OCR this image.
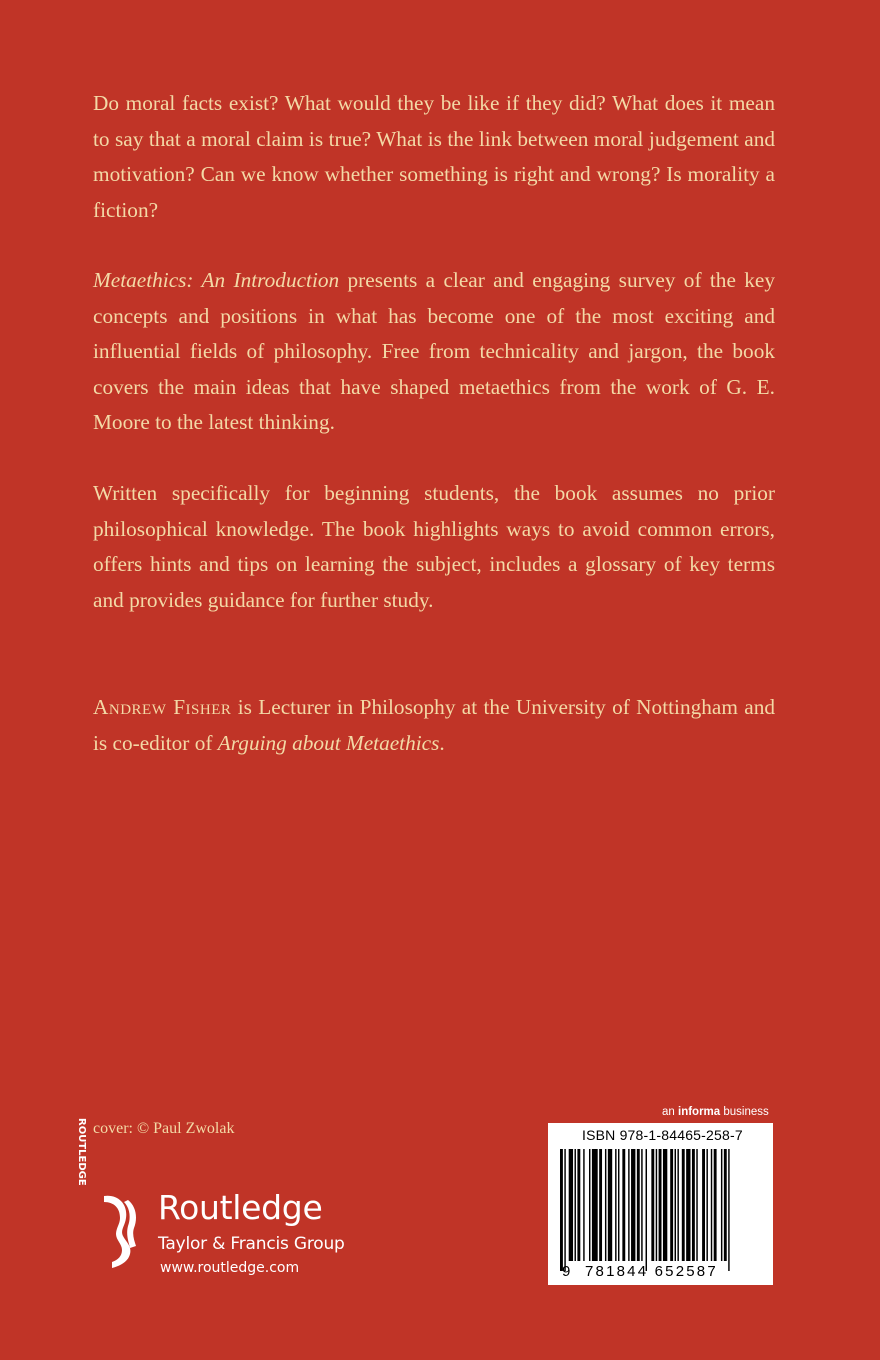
Do moral facts exist? What would they be like if they did? What does it mean to say that a moral claim is true? What is the link between moral judgement and motivation? Can we know whether something is right and wrong? Is morality a fiction?

Metaethics: An Introduction presents a clear and engaging survey of the key concepts and positions in what has become one of the most exciting and influential fields of philosophy. Free from technicality and jargon, the book covers the main ideas that have shaped metaethics from the work of G. E. Moore to the latest thinking.

Written specifically for beginning students, the book assumes no prior philosophical knowledge. The book highlights ways to avoid common errors, offers hints and tips on learning the subject, includes a glossary of key terms and provides guidance for further study.

Andrew Fisher is Lecturer in Philosophy at the University of Nottingham and is co-editor of Arguing about Metaethics.

cover: © Paul Zwolak
ROUTLEDGE
Routledge
Taylor & Francis Group
www.routledge.com
an informa business
ISBN 978-1-84465-258-7
9 781844 652587
